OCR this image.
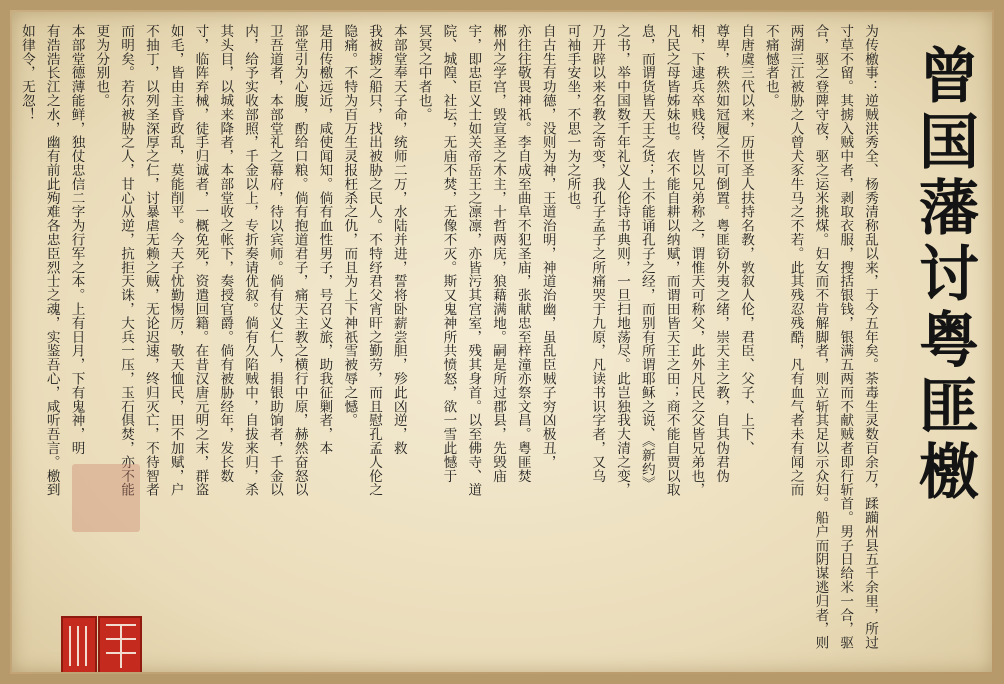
曾国藩讨粤匪檄
为传檄事：逆贼洪秀全、杨秀清称乱以来，于今五年矣。荼毒生灵数百余万，蹂躏州县五千余里，所过
寸草不留。其掳入贼中者，剥取衣服，搜括银钱，银满五两而不献贼者即行斩首。男子日给米一合，驱
合，驱之登陴守夜，驱之运米挑煤。妇女而不肯解脚者，则立斩其足以示众妇。船户而阴谋逃归者，则
两湖三江被胁之人曾犬豕牛马之不若。此其残忍残酷，凡有血气者未有闻之而
不痛憾者也。
自唐虞三代以来，历世圣人扶持名教，敦叙人伦，君臣、父子、上下、
尊卑，秩然如冠履之不可倒置。粤匪窃外夷之绪，崇天主之教，自其伪君伪
相，下逮兵卒贱役，皆以兄弟称之，谓惟天可称父，此外凡民之父皆兄弟也，
凡民之母皆姊妹也。农不能自耕以纳赋，而谓田皆天王之田；商不能自贾以取
息，而谓货皆天王之货；士不能诵孔子之经，而别有所谓耶稣之说、《新约》
之书，举中国数千年礼义人伦诗书典则，一旦扫地荡尽。此岂独我大清之变，
乃开辟以来名教之奇变，我孔子孟子之所痛哭于九原，凡读书识字者，又乌
可袖手安坐，不思一为之所也。
自古生有功德，没则为神，王道治明，神道治幽，虽乱臣贼子穷凶极丑，
亦往往敬畏神祇。李自成至曲阜不犯圣庙，张献忠至梓潼亦祭文昌。粤匪焚
郴州之学宫，毁宣圣之木主，十哲两庑，狼藉满地。嗣是所过郡县，先毁庙
宇，即忠臣义士如关帝岳王之凛凛，亦皆污其宫室，残其身首。以至佛寺、道
院、城隍、社坛，无庙不焚，无像不灭。斯又鬼神所共愤怒，欲一雪此憾于
冥冥之中者也。
本部堂奉天子命，统师二万，水陆并进，誓将卧薪尝胆，殄此凶逆，救
我被掳之船只，找出被胁之民人。不特纾君父宵旰之勤劳，而且慰孔孟人伦之
隐痛。不特为百万生灵报枉杀之仇，而且为上下神祇雪被辱之憾。
是用传檄远近，咸使闻知。倘有血性男子，号召义旅，助我征剿者，本
部堂引为心腹，酌给口粮。倘有抱道君子，痛天主教之横行中原，赫然奋怒以
卫吾道者，本部堂礼之幕府，待以宾师。倘有仗义仁人，捐银助饷者，千金以
内，给予实收部照，千金以上，专折奏请优叙。倘有久陷贼中，自拔来归，杀
其头目，以城来降者，本部堂收之帐下，奏授官爵。倘有被胁经年，发长数
寸，临阵弃械，徒手归诚者，一概免死，资遣回籍。在昔汉唐元明之末，群盗
如毛，皆由主昏政乱，莫能削平。今天子忧勤惕厉，敬天恤民，田不加赋，户
不抽丁，以列圣深厚之仁，讨暴虐无赖之贼，无论迟速，终归灭亡，不待智者
而明矣。若尔被胁之人，甘心从逆，抗拒天诛，大兵一压，玉石俱焚，亦不能
更为分别也。
本部堂德薄能鲜，独仗忠信二字为行军之本。上有日月，下有鬼神，明
有浩浩长江之水，幽有前此殉难各忠臣烈士之魂，实鉴吾心，咸听吾言。檄到
如律令，无忽！
